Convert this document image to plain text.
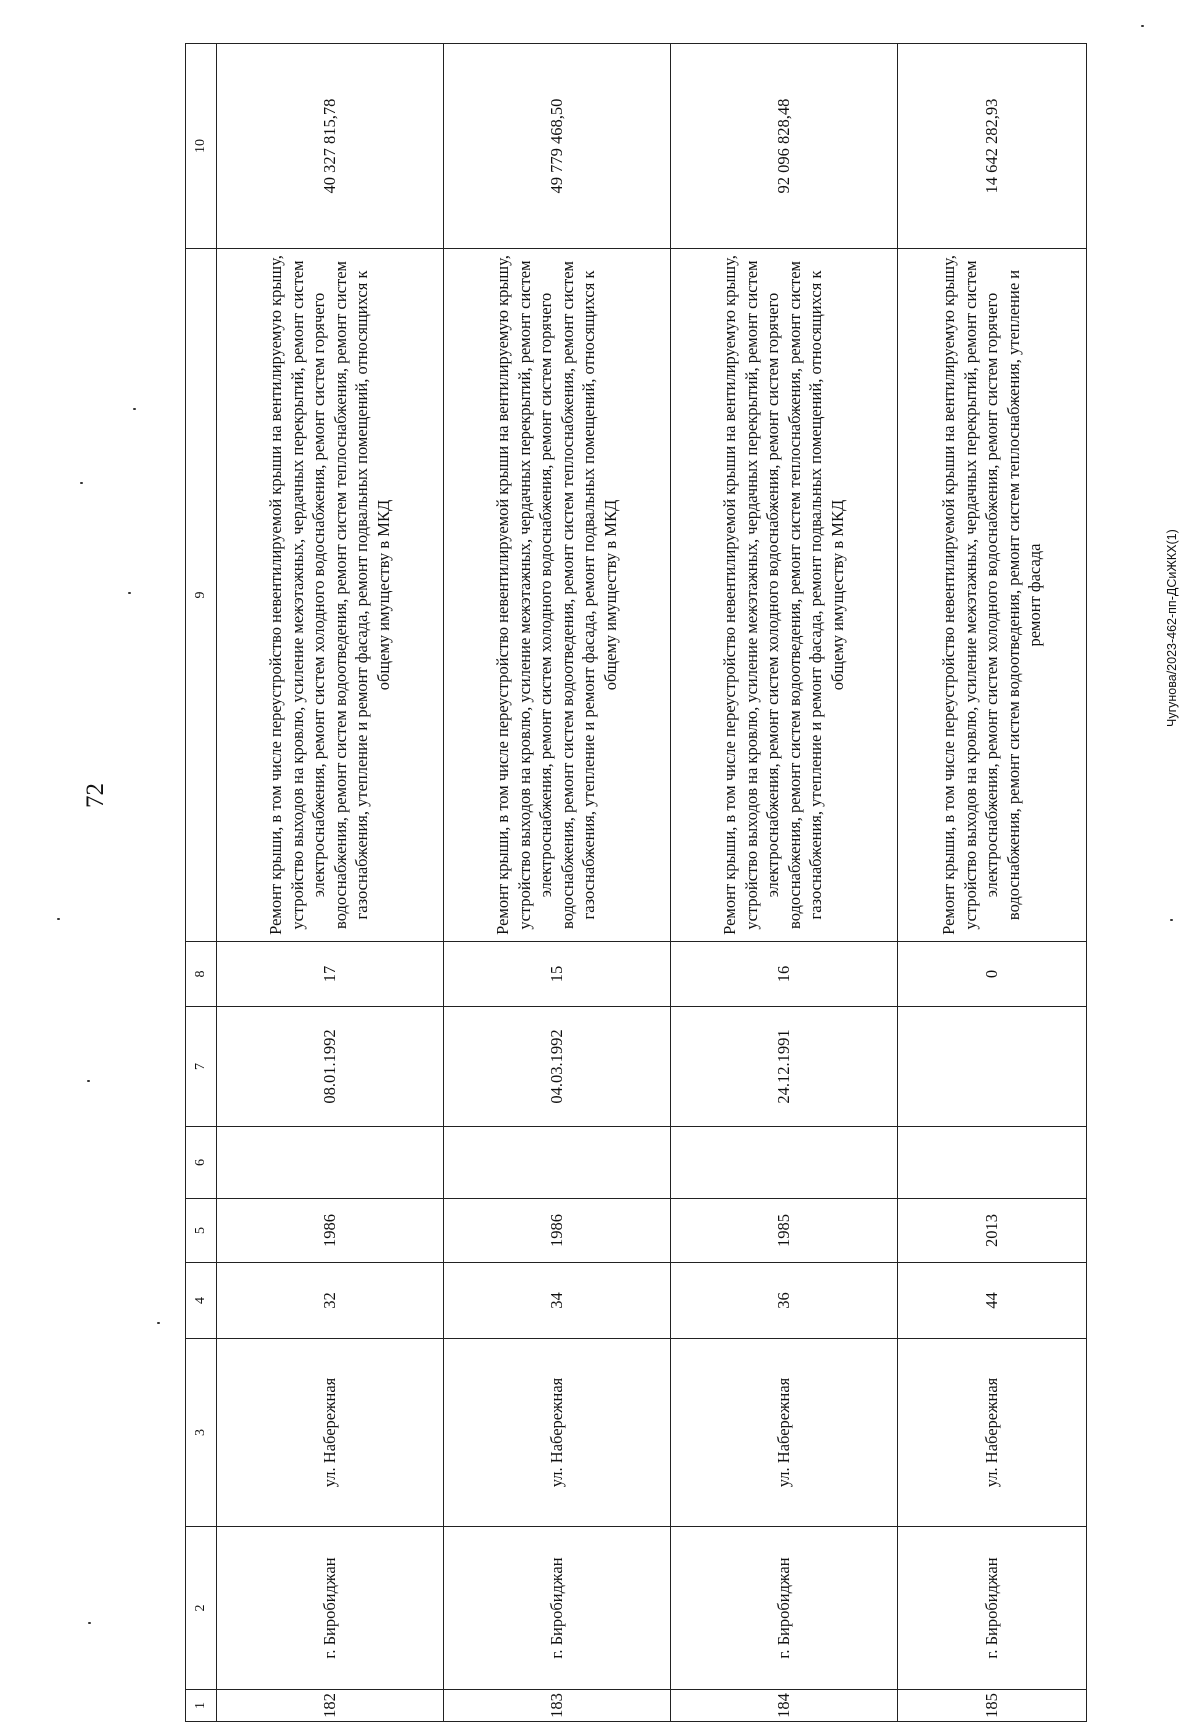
72
Чугунова/2023-462-пп-ДСиЖКХ(1)
1	2	3	4	5	6	7	8	9	10
182	г. Биробиджан	ул. Набережная	32	1986		08.01.1992	17	Ремонт крыши, в том числе переустройство невентилируемой крыши на вентилируемую крышу, устройство выходов на кровлю, усиление межэтажных, чердачных перекрытий, ремонт систем электроснабжения, ремонт систем холодного водоснабжения, ремонт систем горячего водоснабжения, ремонт систем водоотведения, ремонт систем теплоснабжения, ремонт систем газоснабжения, утепление и ремонт фасада, ремонт подвальных помещений, относящихся к общему имуществу в МКД	40 327 815,78
183	г. Биробиджан	ул. Набережная	34	1986		04.03.1992	15	Ремонт крыши, в том числе переустройство невентилируемой крыши на вентилируемую крышу, устройство выходов на кровлю, усиление межэтажных, чердачных перекрытий, ремонт систем электроснабжения, ремонт систем холодного водоснабжения, ремонт систем горячего водоснабжения, ремонт систем водоотведения, ремонт систем теплоснабжения, ремонт систем газоснабжения, утепление и ремонт фасада, ремонт подвальных помещений, относящихся к общему имуществу в МКД	49 779 468,50
184	г. Биробиджан	ул. Набережная	36	1985		24.12.1991	16	Ремонт крыши, в том числе переустройство невентилируемой крыши на вентилируемую крышу, устройство выходов на кровлю, усиление межэтажных, чердачных перекрытий, ремонт систем электроснабжения, ремонт систем холодного водоснабжения, ремонт систем горячего водоснабжения, ремонт систем водоотведения, ремонт систем теплоснабжения, ремонт систем газоснабжения, утепление и ремонт фасада, ремонт подвальных помещений, относящихся к общему имуществу в МКД	92 096 828,48
185	г. Биробиджан	ул. Набережная	44	2013			0	Ремонт крыши, в том числе переустройство невентилируемой крыши на вентилируемую крышу, устройство выходов на кровлю, усиление межэтажных, чердачных перекрытий, ремонт систем электроснабжения, ремонт систем холодного водоснабжения, ремонт систем горячего водоснабжения, ремонт систем водоотведения, ремонт систем теплоснабжения, утепление и ремонт фасада	14 642 282,93
